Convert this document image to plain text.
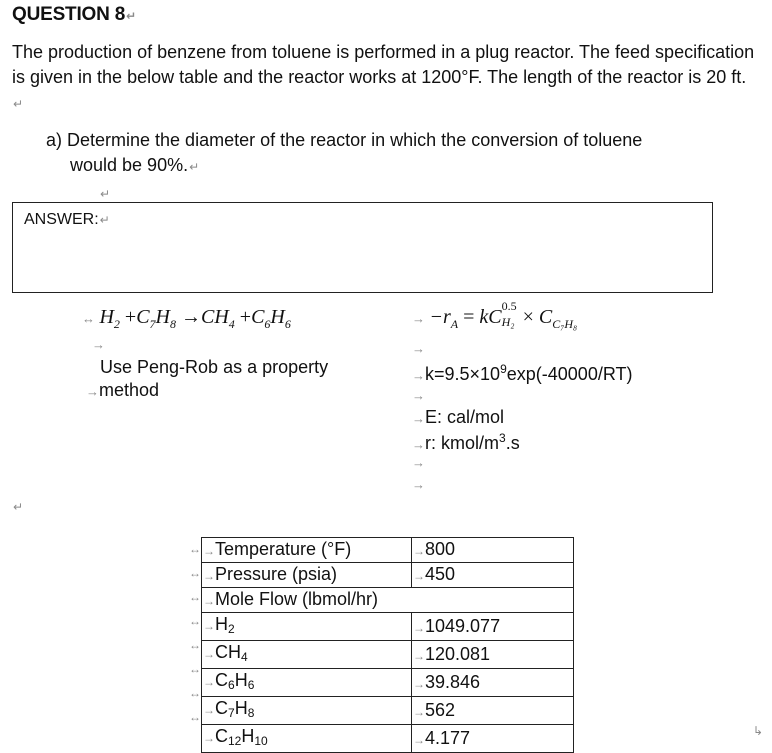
QUESTION 8↵
The production of benzene from toluene is performed in a plug reactor. The feed specification is given in the below table and the reactor works at 1200°F. The length of the reactor is 20 ft. ↵
a) Determine the diameter of the reactor in which the conversion of toluene
would be 90%.↵
↵
ANSWER:↵
↔ $H_2 +C_7H_8 \to CH_4 +C_6H_6$	→ $-r_A$ = kC 0.5
$H_2 \times C_{C_7H_8}$
→
Use Peng-Rob as a property
→method
→
$\to k=9.5\times 10^9\exp(-40000/RT)$
→
→E: cal/mol
→r: kmol/$m^3.s$
→
→
↵
↔
↔
↔
↔
↔
↔
↔
↔
→Temperature (°F)	→800
→Pressure (psia)	→450
→Mole Flow (lbmol/hr)	
$\to H_2$	→1049.077
$\to CH_4$	→120.081
$\to C_6H_6$	→39.846
$\to C_7H_8$	→562
$\to C_{12}H_{10}$	→4.177	↳
